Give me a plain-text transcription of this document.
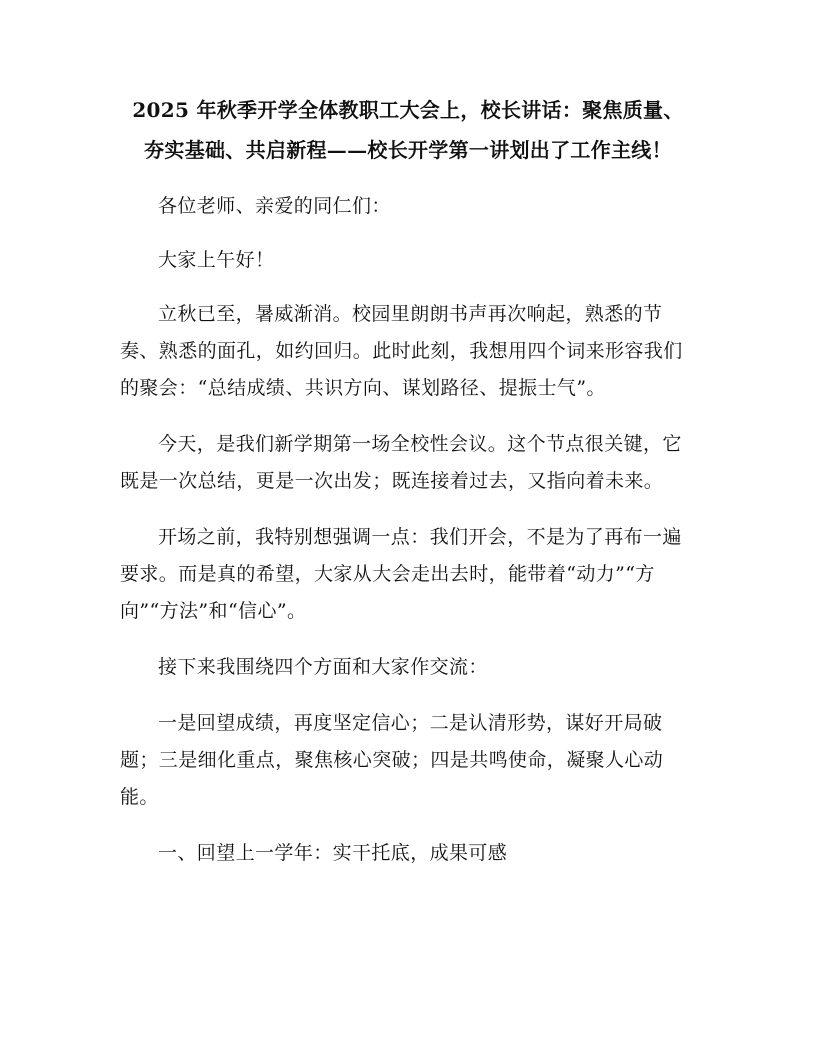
2025 年秋季开学全体教职工大会上，校长讲话：聚焦质量、
夯实基础、共启新程——校长开学第一讲划出了工作主线！

各位老师、亲爱的同仁们：

大家上午好！

立秋已至，暑威渐消。校园里朗朗书声再次响起，熟悉的节奏、熟悉的面孔，如约回归。此时此刻，我想用四个词来形容我们的聚会：“总结成绩、共识方向、谋划路径、提振士气”。

今天，是我们新学期第一场全校性会议。这个节点很关键，它既是一次总结，更是一次出发；既连接着过去，又指向着未来。

开场之前，我特别想强调一点：我们开会，不是为了再布一遍要求。而是真的希望，大家从大会走出去时，能带着“动力”“方向”“方法”和“信心”。

接下来我围绕四个方面和大家作交流：

一是回望成绩，再度坚定信心；二是认清形势，谋好开局破题；三是细化重点，聚焦核心突破；四是共鸣使命，凝聚人心动能。

一、回望上一学年：实干托底，成果可感
